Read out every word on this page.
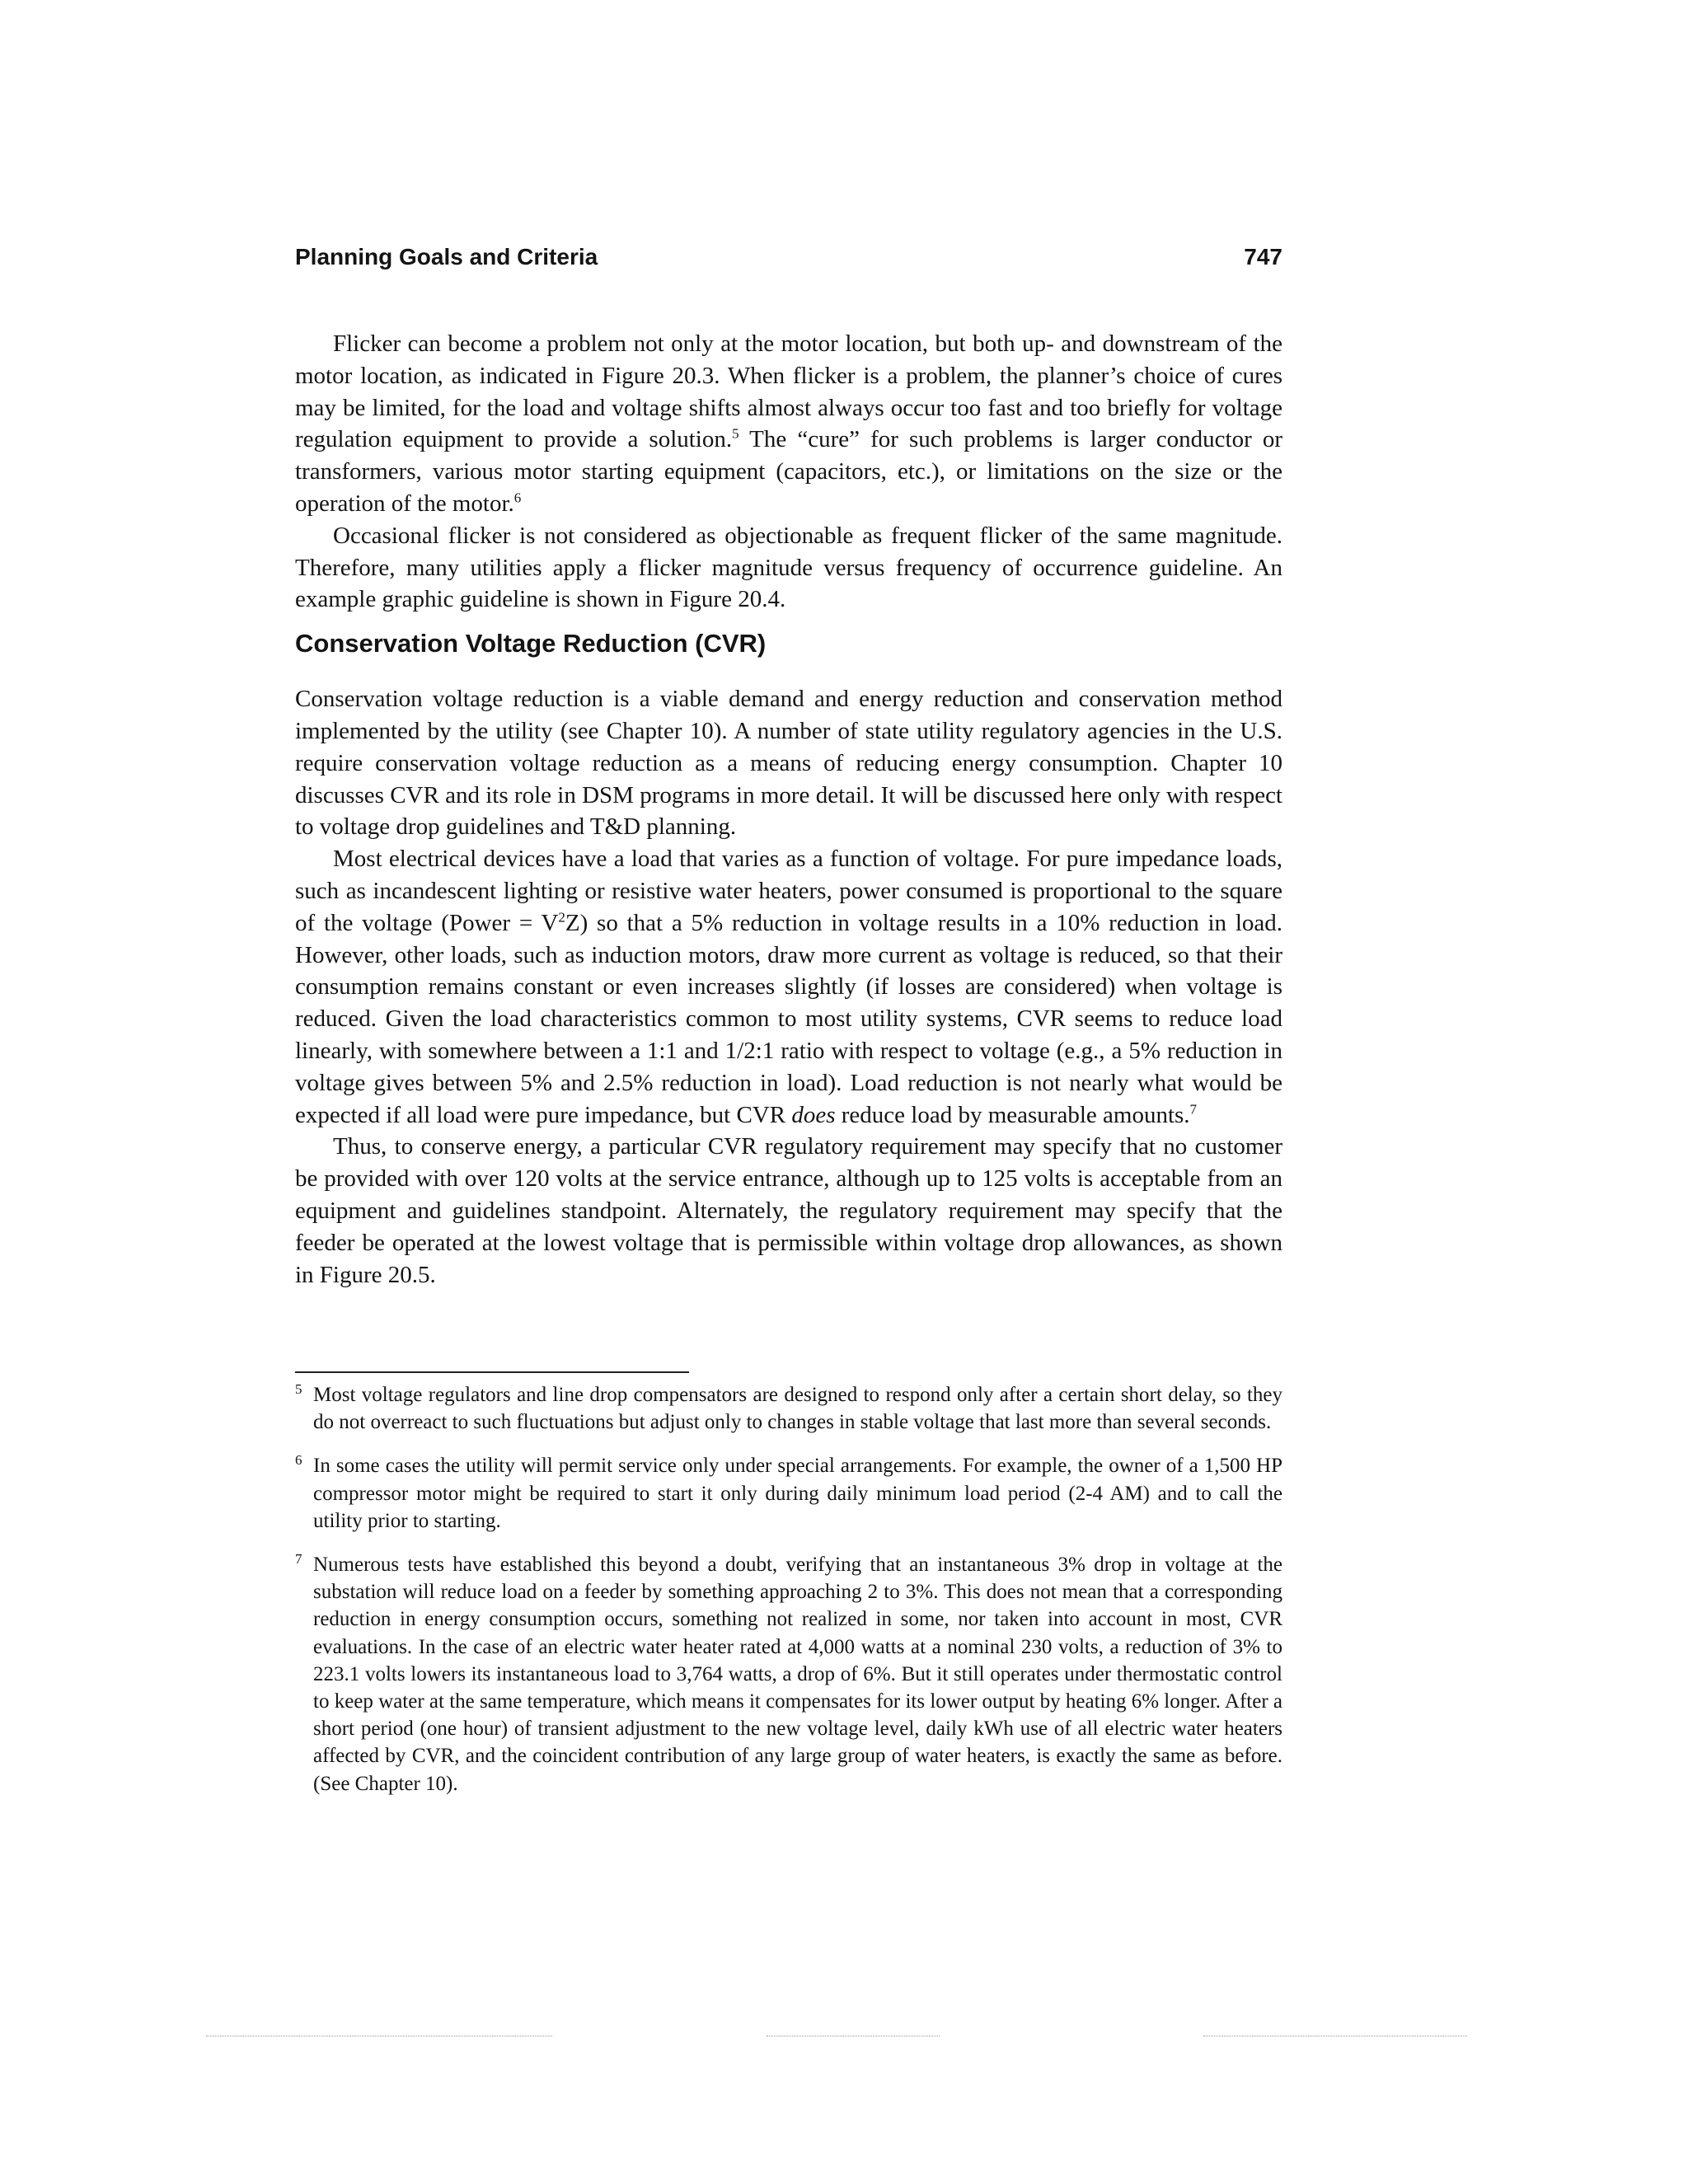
Planning Goals and Criteria	747

Flicker can become a problem not only at the motor location, but both up- and downstream of the motor location, as indicated in Figure 20.3. When flicker is a problem, the planner’s choice of cures may be limited, for the load and voltage shifts almost always occur too fast and too briefly for voltage regulation equipment to provide a solution.$^5$ The “cure” for such problems is larger conductor or transformers, various motor starting equipment (capacitors, etc.), or limitations on the size or the operation of the motor.$^6$

Occasional flicker is not considered as objectionable as frequent flicker of the same magnitude. Therefore, many utilities apply a flicker magnitude versus frequency of occurrence guideline. An example graphic guideline is shown in Figure 20.4.

Conservation Voltage Reduction (CVR)

Conservation voltage reduction is a viable demand and energy reduction and conservation method implemented by the utility (see Chapter 10). A number of state utility regulatory agencies in the U.S. require conservation voltage reduction as a means of reducing energy consumption. Chapter 10 discusses CVR and its role in DSM programs in more detail. It will be discussed here only with respect to voltage drop guidelines and T&D planning.

Most electrical devices have a load that varies as a function of voltage. For pure impedance loads, such as incandescent lighting or resistive water heaters, power consumed is proportional to the square of the voltage (Power = $V^2Z$) so that a 5% reduction in voltage results in a 10% reduction in load. However, other loads, such as induction motors, draw more current as voltage is reduced, so that their consumption remains constant or even increases slightly (if losses are considered) when voltage is reduced. Given the load characteristics common to most utility systems, CVR seems to reduce load linearly, with somewhere between a 1:1 and 1/2:1 ratio with respect to voltage (e.g., a 5% reduction in voltage gives between 5% and 2.5% reduction in load). Load reduction is not nearly what would be expected if all load were pure impedance, but CVR does reduce load by measurable amounts.$^7$

Thus, to conserve energy, a particular CVR regulatory requirement may specify that no customer be provided with over 120 volts at the service entrance, although up to 125 volts is acceptable from an equipment and guidelines standpoint. Alternately, the regulatory requirement may specify that the feeder be operated at the lowest voltage that is permissible within voltage drop allowances, as shown in Figure 20.5.

5 Most voltage regulators and line drop compensators are designed to respond only after a certain short delay, so they do not overreact to such fluctuations but adjust only to changes in stable voltage that last more than several seconds.

6 In some cases the utility will permit service only under special arrangements. For example, the owner of a 1,500 HP compressor motor might be required to start it only during daily minimum load period (2-4 AM) and to call the utility prior to starting.

7 Numerous tests have established this beyond a doubt, verifying that an instantaneous 3% drop in voltage at the substation will reduce load on a feeder by something approaching 2 to 3%. This does not mean that a corresponding reduction in energy consumption occurs, something not realized in some, nor taken into account in most, CVR evaluations. In the case of an electric water heater rated at 4,000 watts at a nominal 230 volts, a reduction of 3% to 223.1 volts lowers its instantaneous load to 3,764 watts, a drop of 6%. But it still operates under thermostatic control to keep water at the same temperature, which means it compensates for its lower output by heating 6% longer. After a short period (one hour) of transient adjustment to the new voltage level, daily kWh use of all electric water heaters affected by CVR, and the coincident contribution of any large group of water heaters, is exactly the same as before. (See Chapter 10).
